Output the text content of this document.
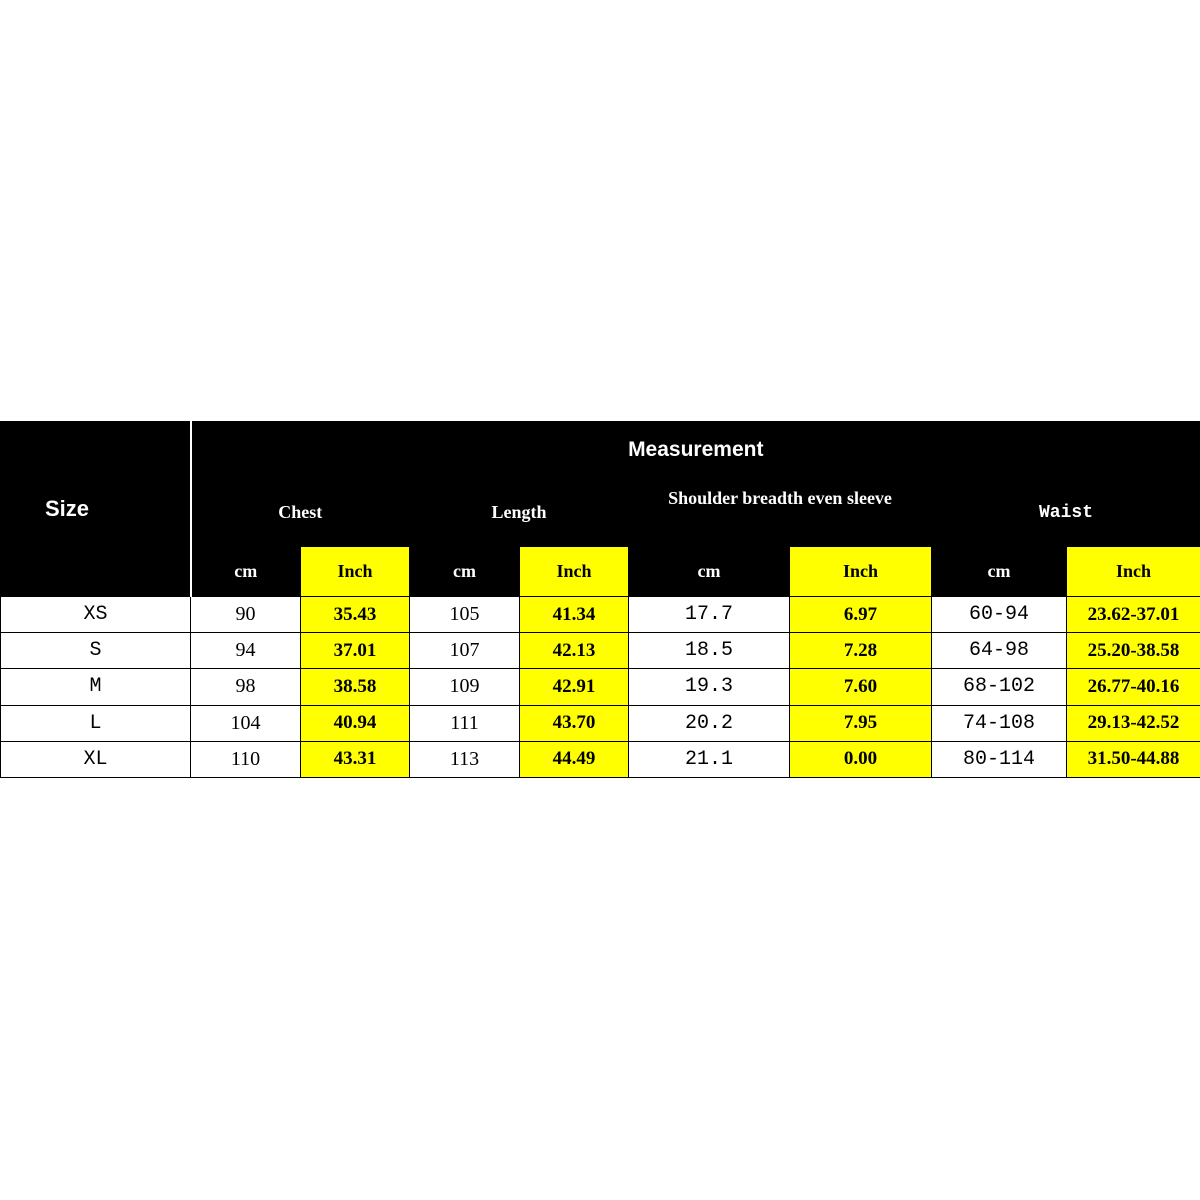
Size	Measurement							
	Chest		Length		Shoulder breadth even sleeve		Waist	
	cm	Inch	cm	Inch	cm	Inch	cm	Inch
XS	90	35.43	105	41.34	17.7	6.97	60-94	23.62-37.01
S	94	37.01	107	42.13	18.5	7.28	64-98	25.20-38.58
M	98	38.58	109	42.91	19.3	7.60	68-102	26.77-40.16
L	104	40.94	111	43.70	20.2	7.95	74-108	29.13-42.52
XL	110	43.31	113	44.49	21.1	0.00	80-114	31.50-44.88
